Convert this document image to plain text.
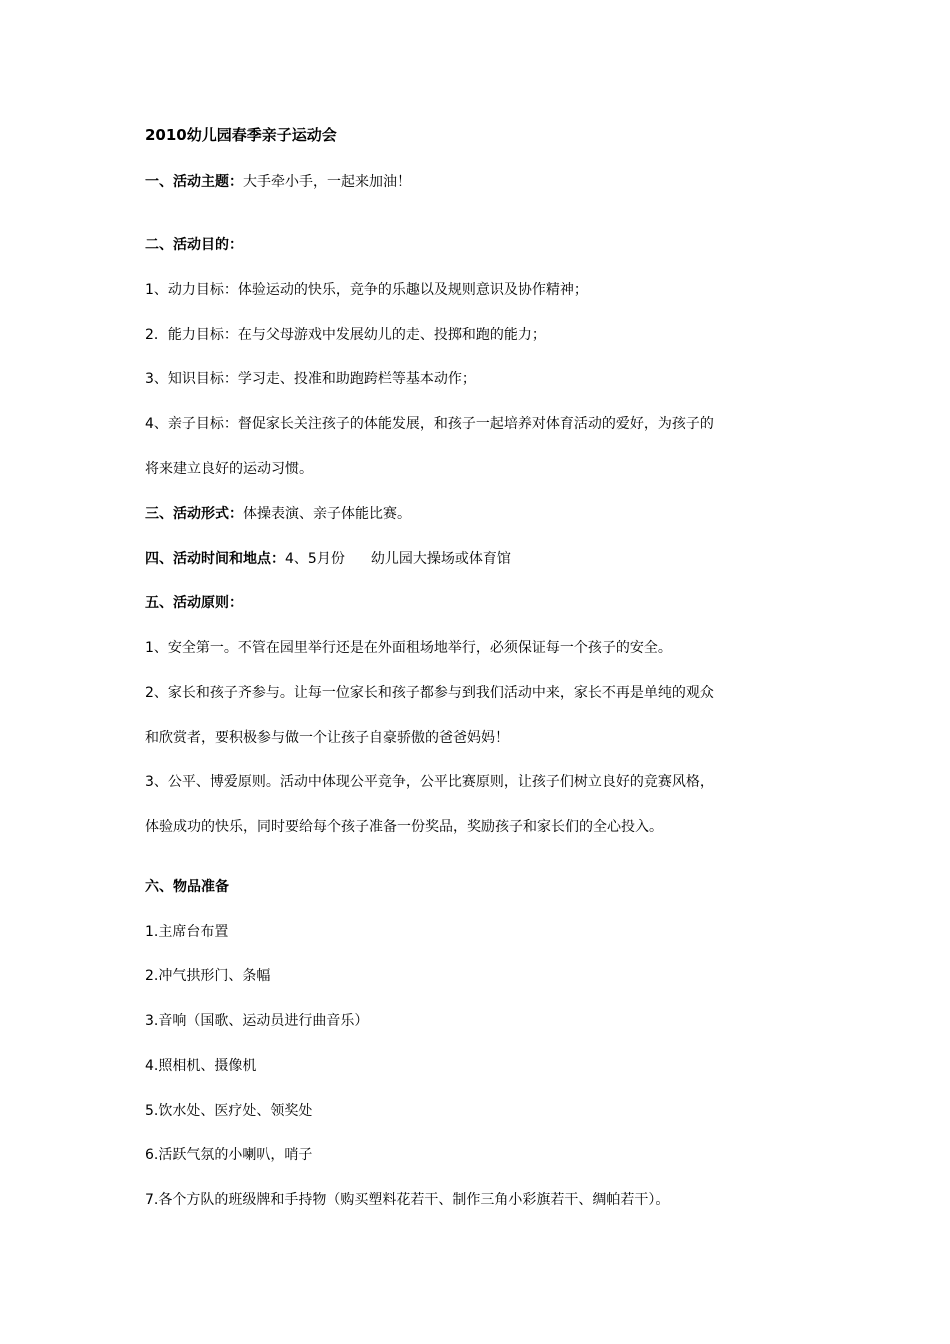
2010幼儿园春季亲子运动会
一、活动主题：大手牵小手，一起来加油！
二、活动目的：
1、动力目标：体验运动的快乐，竞争的乐趣以及规则意识及协作精神；
2．能力目标：在与父母游戏中发展幼儿的走、投掷和跑的能力；
3、知识目标：学习走、投准和助跑跨栏等基本动作；
4、亲子目标：督促家长关注孩子的体能发展，和孩子一起培养对体育活动的爱好，为孩子的
将来建立良好的运动习惯。
三、活动形式：体操表演、亲子体能比赛。
四、活动时间和地点：4、5月份 幼儿园大操场或体育馆
五、活动原则：
1、安全第一。不管在园里举行还是在外面租场地举行，必须保证每一个孩子的安全。
2、家长和孩子齐参与。让每一位家长和孩子都参与到我们活动中来，家长不再是单纯的观众
和欣赏者，要积极参与做一个让孩子自豪骄傲的爸爸妈妈！
3、公平、博爱原则。活动中体现公平竞争，公平比赛原则，让孩子们树立良好的竞赛风格，
体验成功的快乐，同时要给每个孩子准备一份奖品，奖励孩子和家长们的全心投入。
六、物品准备
1.主席台布置
2.冲气拱形门、条幅
3.音响（国歌、运动员进行曲音乐）
4.照相机、摄像机
5.饮水处、医疗处、领奖处
6.活跃气氛的小喇叭，哨子
7.各个方队的班级牌和手持物（购买塑料花若干、制作三角小彩旗若干、绸帕若干）。
